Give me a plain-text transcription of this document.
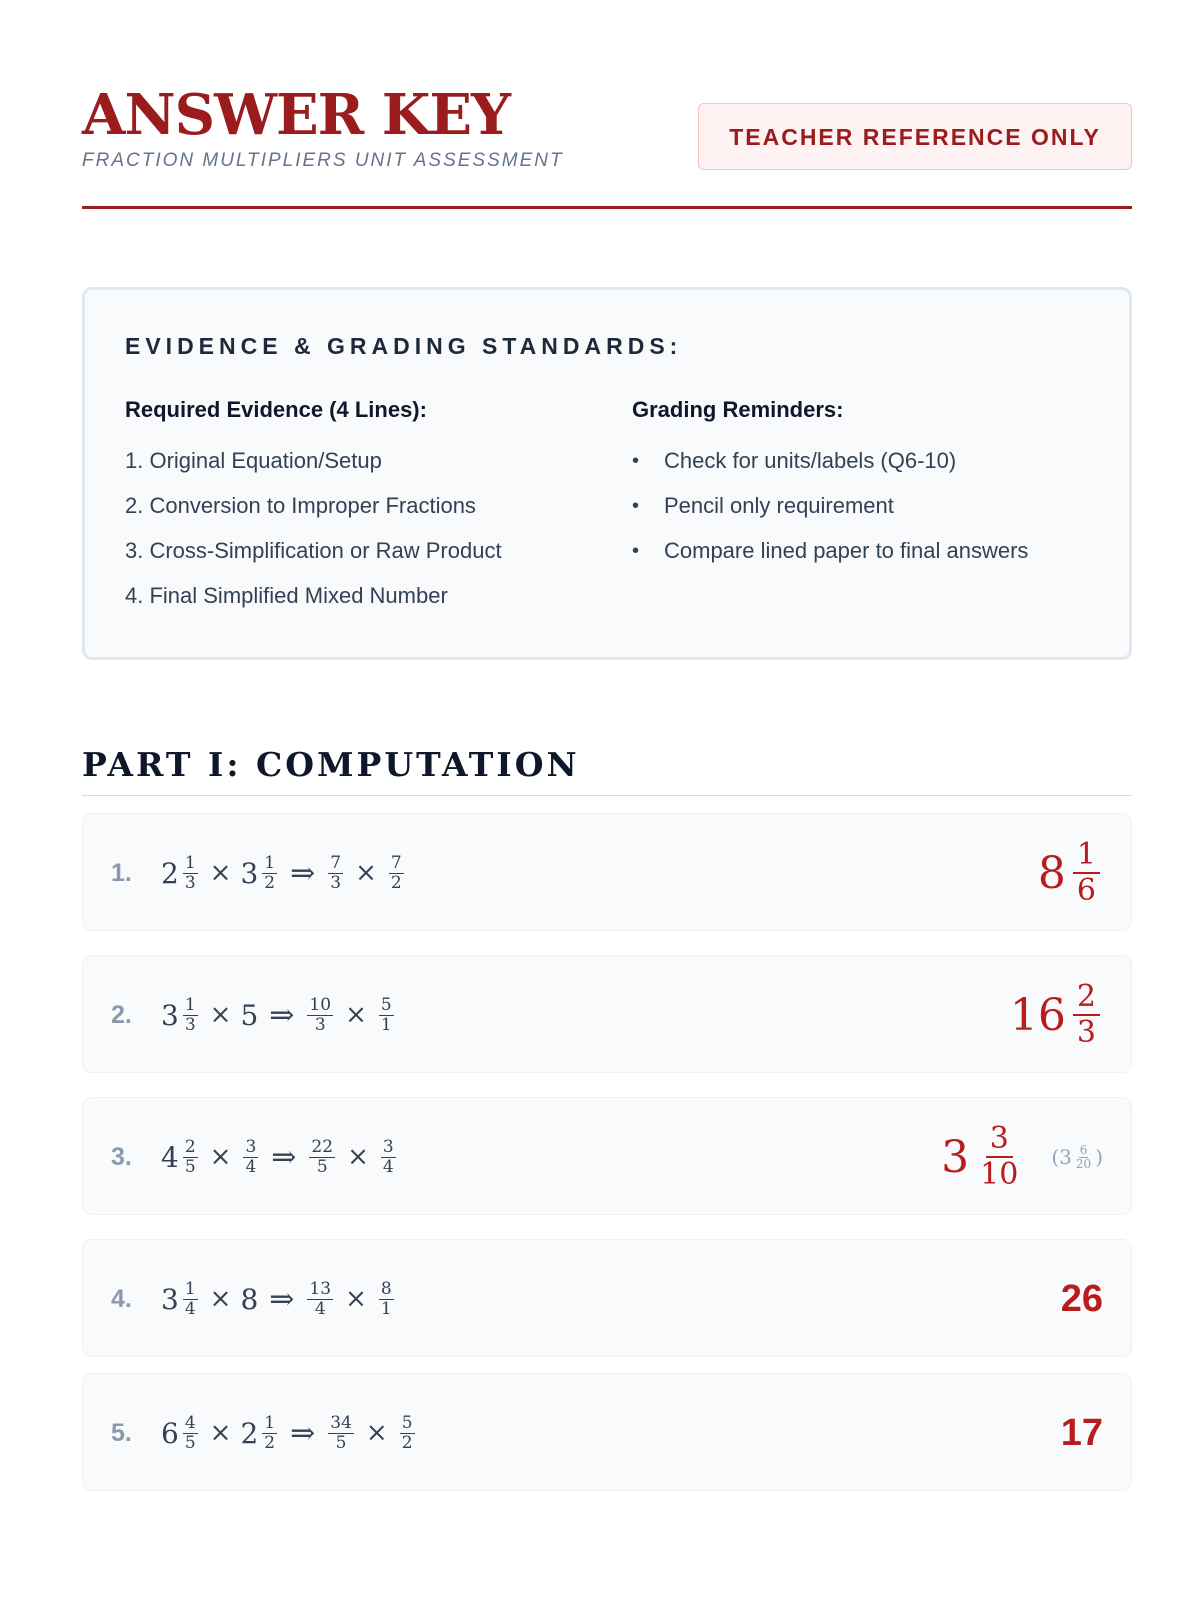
ANSWER KEY
FRACTION MULTIPLIERS UNIT ASSESSMENT
TEACHER REFERENCE ONLY
EVIDENCE & GRADING STANDARDS:
Required Evidence (4 Lines):
1. Original Equation/Setup
2. Conversion to Improper Fractions
3. Cross-Simplification or Raw Product
4. Final Simplified Mixed Number
Grading Reminders:
• Check for units/labels (Q6-10)
• Pencil only requirement
• Compare lined paper to final answers
PART I: COMPUTATION
1. $2 \frac{1}{3} \times 3 \frac{1}{2}$ ⇒ $\frac{7}{3} \times \frac{7}{2}$	$8 \frac{1}{6}$
2. $3 \frac{1}{3} \times 5$ ⇒ $\frac{10}{3} \times \frac{5}{1}$	$16 \frac{2}{3}$
3. $4 \frac{2}{5} \times \frac{3}{4}$ ⇒ $\frac{22}{5} \times \frac{3}{4}$	$3 \frac{3}{10}$ ( $3 \frac{6}{20}$ )
4. $3 \frac{1}{4} \times 8$ ⇒ $\frac{13}{4} \times \frac{8}{1}$	26
5. $6 \frac{4}{5} \times 2 \frac{1}{2}$ ⇒ $\frac{34}{5} \times \frac{5}{2}$	17
